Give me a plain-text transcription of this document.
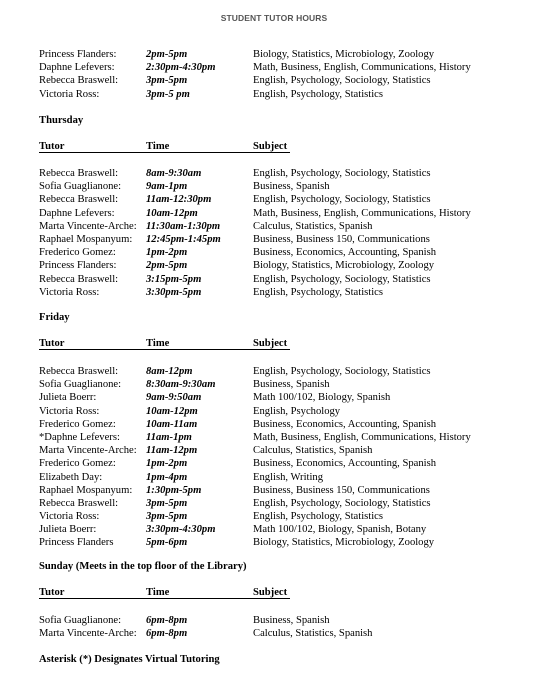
STUDENT TUTOR HOURS
Princess Flanders:	2pm-5pm	Biology, Statistics, Microbiology, Zoology
Daphne Lefevers:	2:30pm-4:30pm	Math, Business, English, Communications, History
Rebecca Braswell:	3pm-5pm	English, Psychology, Sociology, Statistics
Victoria Ross:	3pm-5 pm	English, Psychology, Statistics
Thursday
Tutor	Time	Subject
Rebecca Braswell:	8am-9:30am	English, Psychology, Sociology, Statistics
Sofia Guaglianone: 9am-1pm	Business, Spanish
Rebecca Braswell:	11am-12:30pm	English, Psychology, Sociology, Statistics
Daphne Lefevers:	10am-12pm	Math, Business, English, Communications, History
Marta Vincente-Arche: 11:30am-1:30pm	Calculus, Statistics, Spanish
Raphael Mospanyum: 12:45pm-1:45pm	Business, Business 150, Communications
Frederico Gomez:	1pm-2pm	Business, Economics, Accounting, Spanish
Princess Flanders:	2pm-5pm	Biology, Statistics, Microbiology, Zoology
Rebecca Braswell:	3:15pm-5pm	English, Psychology, Sociology, Statistics
Victoria Ross:	3:30pm-5pm	English, Psychology, Statistics
Friday
Tutor	Time	Subject
Rebecca Braswell:	8am-12pm	English, Psychology, Sociology, Statistics
Sofia Guaglianone: 8:30am-9:30am	Business, Spanish
Julieta Boerr:	9am-9:50am	Math 100/102, Biology, Spanish
Victoria Ross:	10am-12pm	English, Psychology
Frederico Gomez:	10am-11am	Business, Economics, Accounting, Spanish
*Daphne Lefevers: 11am-1pm	Math, Business, English, Communications, History
Marta Vincente-Arche: 11am-12pm	Calculus, Statistics, Spanish
Frederico Gomez:	1pm-2pm	Business, Economics, Accounting, Spanish
Elizabeth Day:	1pm-4pm	English, Writing
Raphael Mospanyum: 1:30pm-5pm	Business, Business 150, Communications
Rebecca Braswell:	3pm-5pm	English, Psychology, Sociology, Statistics
Victoria Ross:	3pm-5pm	English, Psychology, Statistics
Julieta Boerr:	3:30pm-4:30pm	Math 100/102, Biology, Spanish, Botany
Princess Flanders	5pm-6pm	Biology, Statistics, Microbiology, Zoology
Sunday (Meets in the top floor of the Library)
Tutor	Time	Subject
Sofia Guaglianone: 6pm-8pm	Business, Spanish
Marta Vincente-Arche: 6pm-8pm	Calculus, Statistics, Spanish
Asterisk (*) Designates Virtual Tutoring
